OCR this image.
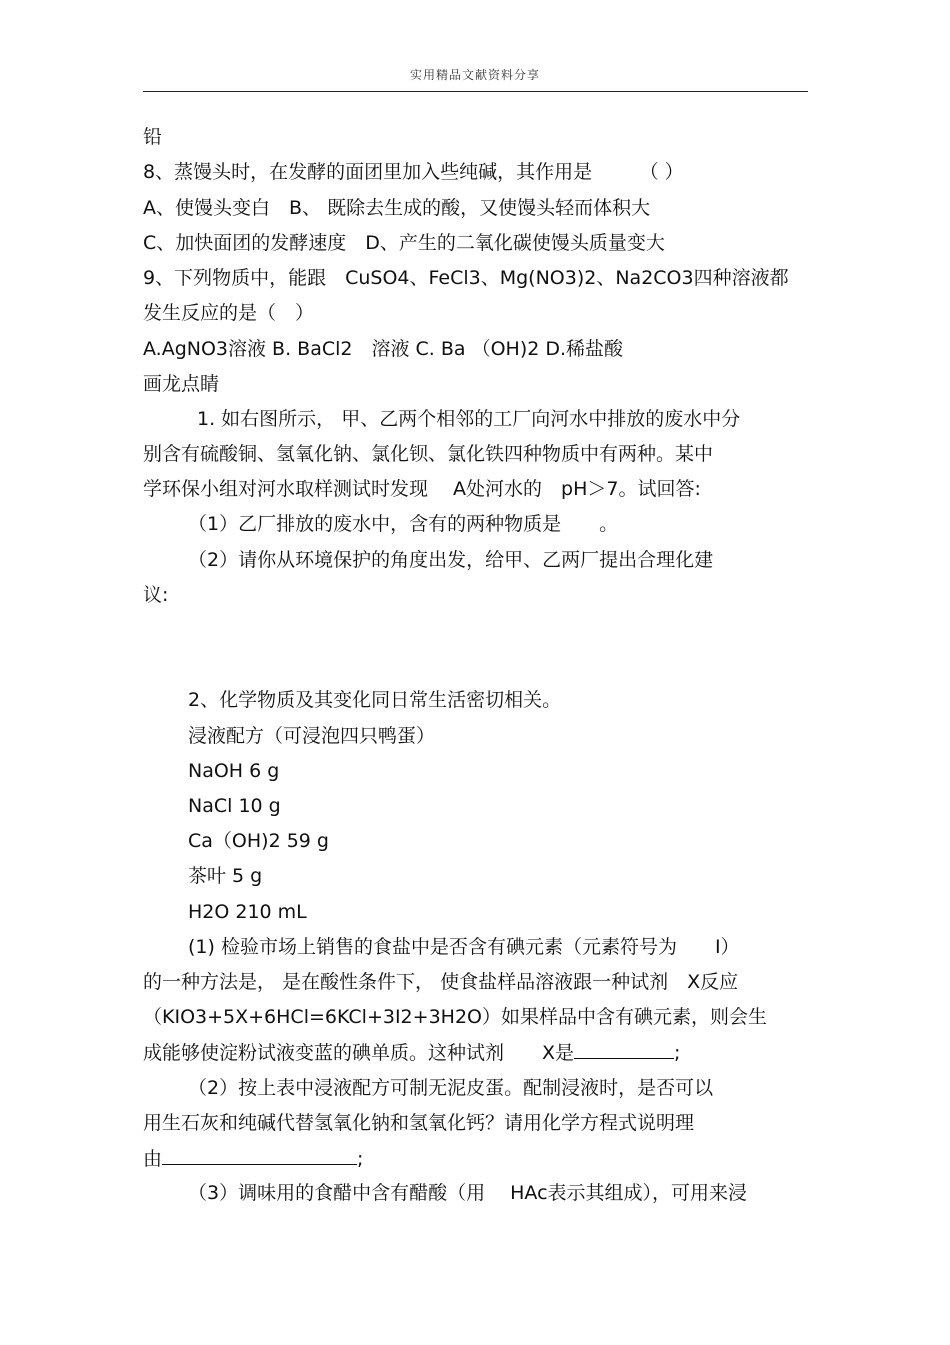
实用精品文献资料分享
铅
8、蒸馒头时，在发酵的面团里加入些纯碱，其作用是　　　（ ）
A、使馒头变白　B、 既除去生成的酸，又使馒头轻而体积大
C、加快面团的发酵速度　D、产生的二氧化碳使馒头质量变大
9、下列物质中，能跟　CuSO4、FeCl3、Mg(NO3)2、Na2CO3四种溶液都
发生反应的是（　）
A.AgNO3溶液 B. BaCl2　溶液 C. Ba （OH)2 D.稀盐酸
画龙点睛
1. 如右图所示， 甲、乙两个相邻的工厂向河水中排放的废水中分
别含有硫酸铜、氢氧化钠、氯化钡、氯化铁四种物质中有两种。某中
学环保小组对河水取样测试时发现　 A处河水的　pH＞7。试回答:
（1）乙厂排放的废水中，含有的两种物质是　　。
（2）请你从环境保护的角度出发，给甲、乙两厂提出合理化建
议:
2、化学物质及其变化同日常生活密切相关。
浸液配方（可浸泡四只鸭蛋）
NaOH 6 g
NaCl 10 g
Ca（OH)2 59 g
茶叶 5 g
H2O 210 mL
(1) 检验市场上销售的食盐中是否含有碘元素（元素符号为　　I）
的一种方法是， 是在酸性条件下， 使食盐样品溶液跟一种试剂　X反应
（KIO3+5X+6HCl=6KCl+3I2+3H2O）如果样品中含有碘元素，则会生
成能够使淀粉试液变蓝的碘单质。这种试剂　　X是	;
（2）按上表中浸液配方可制无泥皮蛋。配制浸液时，是否可以
用生石灰和纯碱代替氢氧化钠和氢氧化钙？请用化学方程式说明理
由	;
（3）调味用的食醋中含有醋酸（用　 HAc表示其组成），可用来浸
